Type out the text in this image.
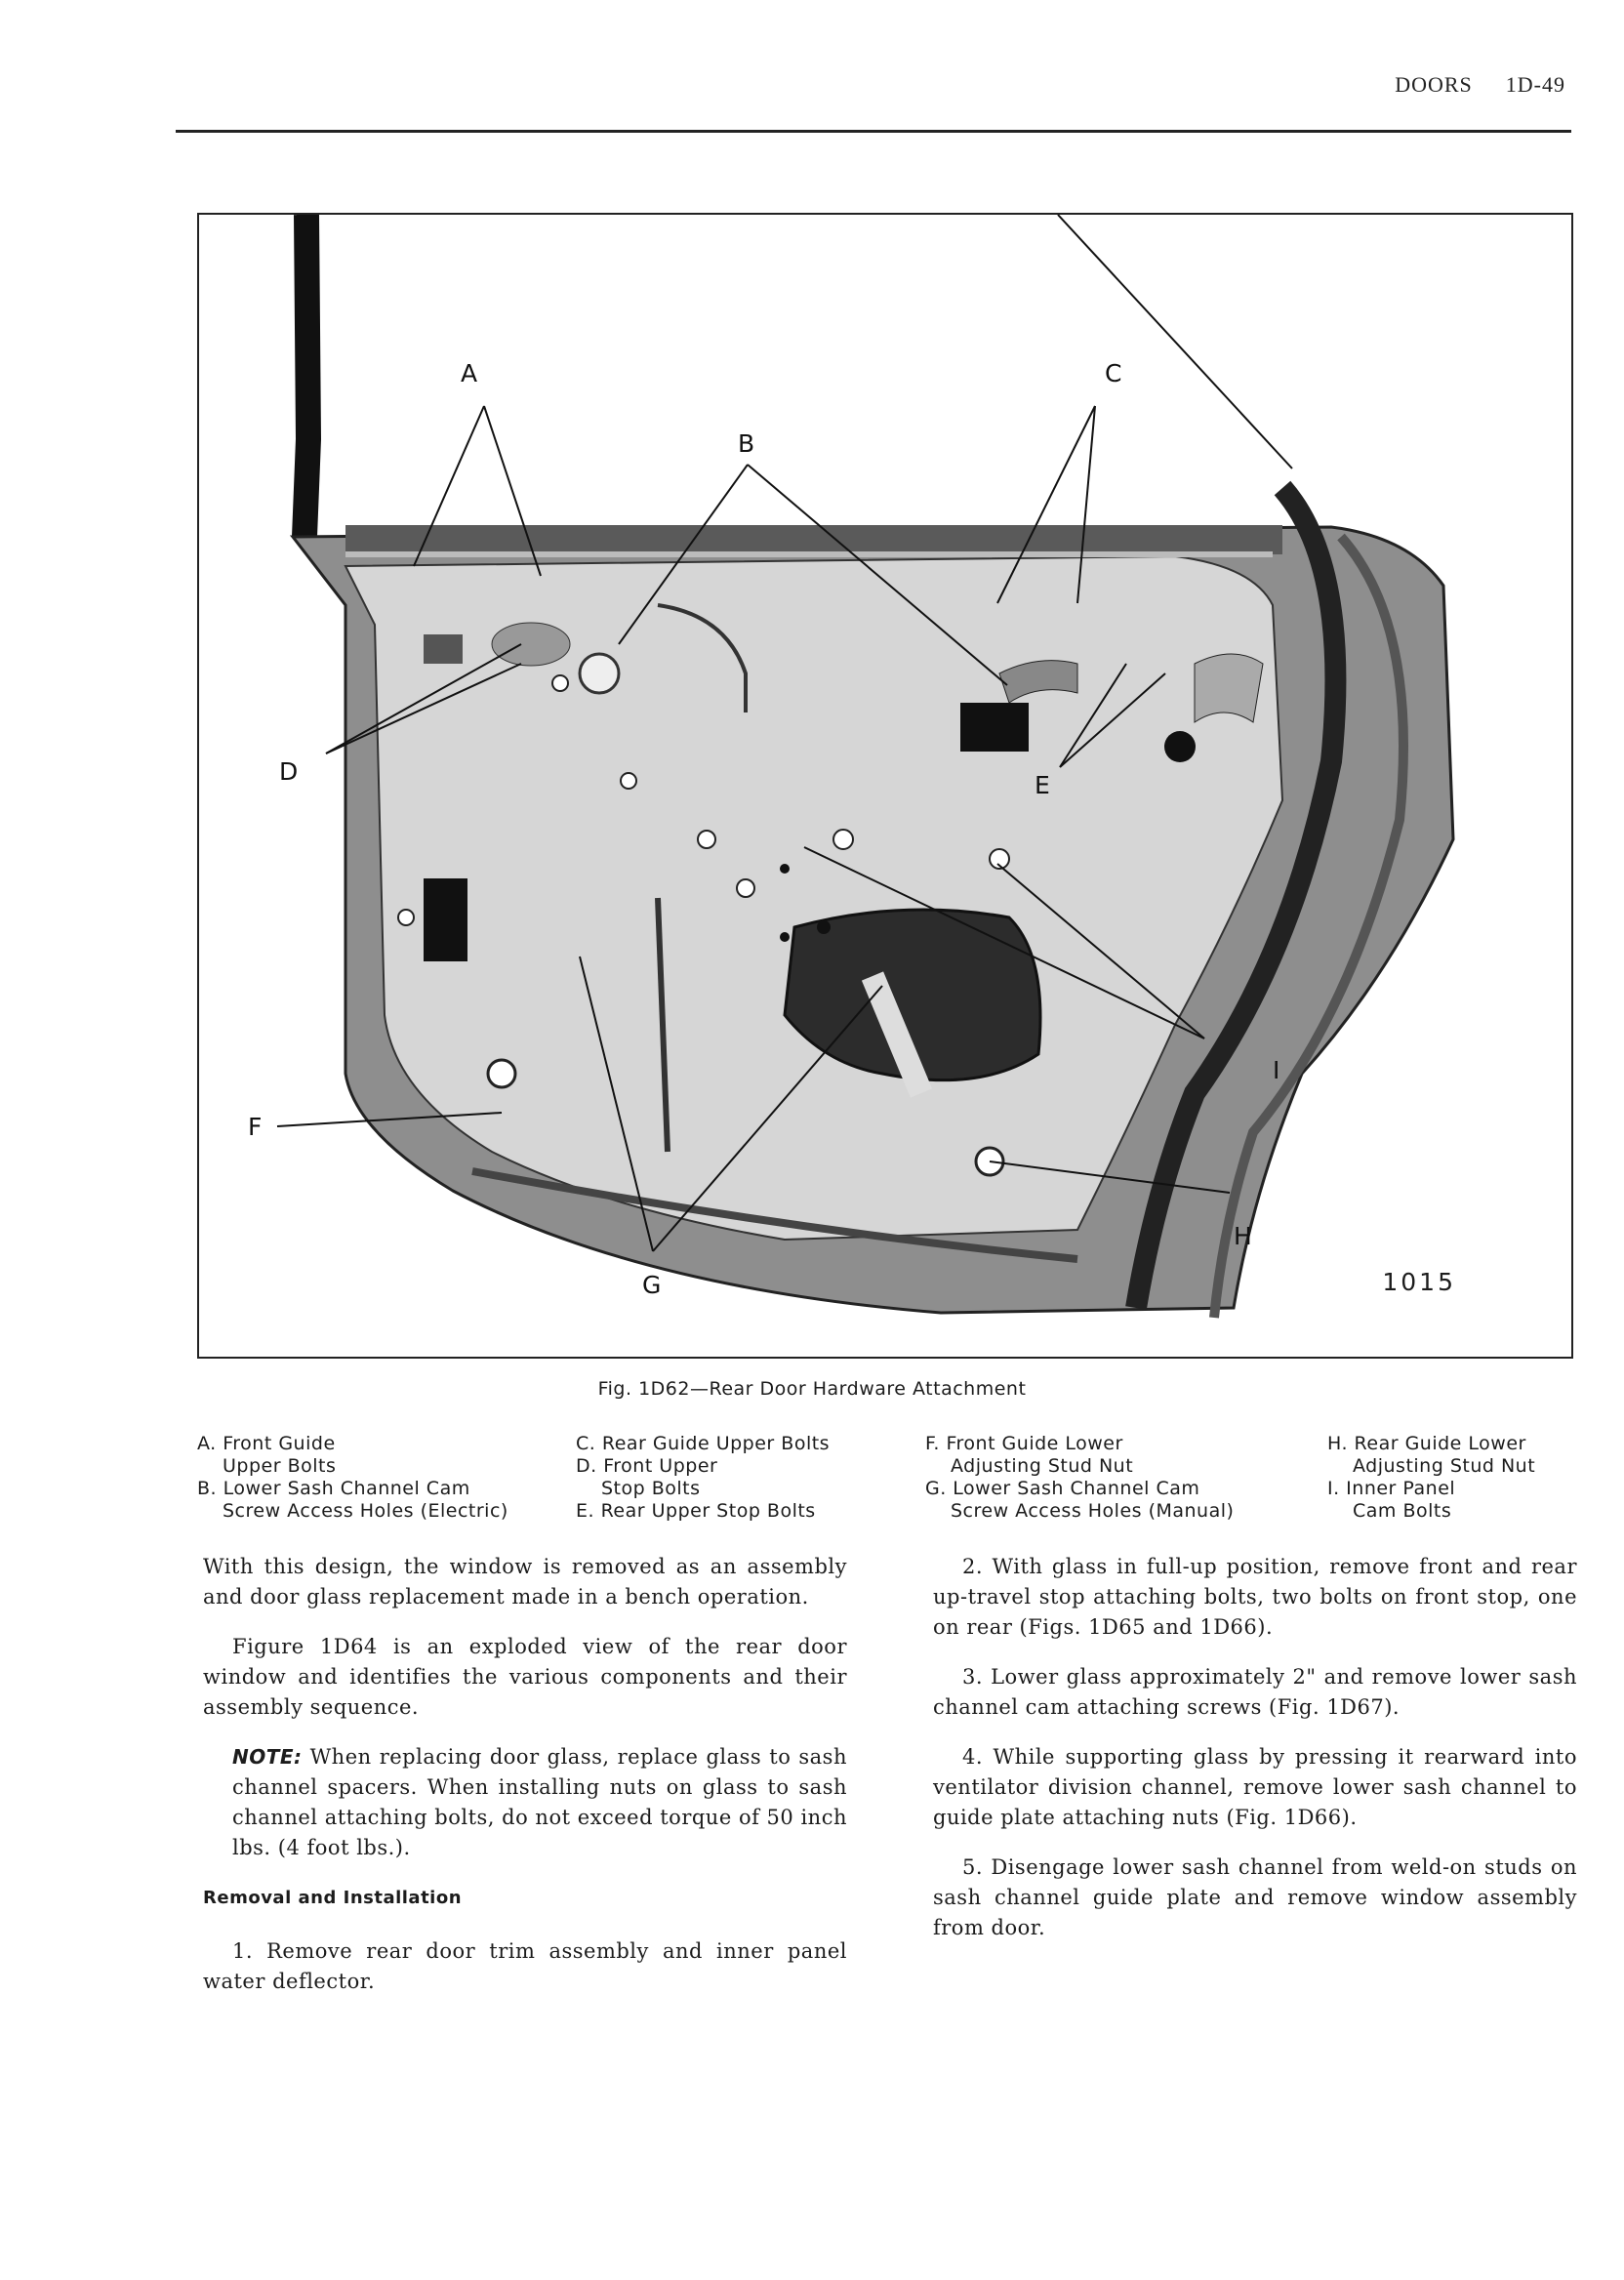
DOORS 1D-49
A
B
C
D	E
F
G
H
I
1015
Fig. 1D62—Rear Door Hardware Attachment
A. Front Guide
Upper Bolts
B. Lower Sash Channel Cam
Screw Access Holes (Electric)
C. Rear Guide Upper Bolts
D. Front Upper
Stop Bolts
E. Rear Upper Stop Bolts
F. Front Guide Lower
Adjusting Stud Nut
G. Lower Sash Channel Cam
Screw Access Holes (Manual)
H. Rear Guide Lower
Adjusting Stud Nut
I. Inner Panel
Cam Bolts

With this design, the window is removed as an assembly and door glass replacement made in a bench operation.

Figure 1D64 is an exploded view of the rear door window and identifies the various components and their assembly sequence.

NOTE: When replacing door glass, replace glass to sash channel spacers. When installing nuts on glass to sash channel attaching bolts, do not exceed torque of 50 inch lbs. (4 foot lbs.).

Removal and Installation

1. Remove rear door trim assembly and inner panel water deflector.

2. With glass in full-up position, remove front and rear up-travel stop attaching bolts, two bolts on front stop, one on rear (Figs. 1D65 and 1D66).

3. Lower glass approximately 2" and remove lower sash channel cam attaching screws (Fig. 1D67).

4. While supporting glass by pressing it rearward into ventilator division channel, remove lower sash channel to guide plate attaching nuts (Fig. 1D66).

5. Disengage lower sash channel from weld-on studs on sash channel guide plate and remove window assembly from door.
